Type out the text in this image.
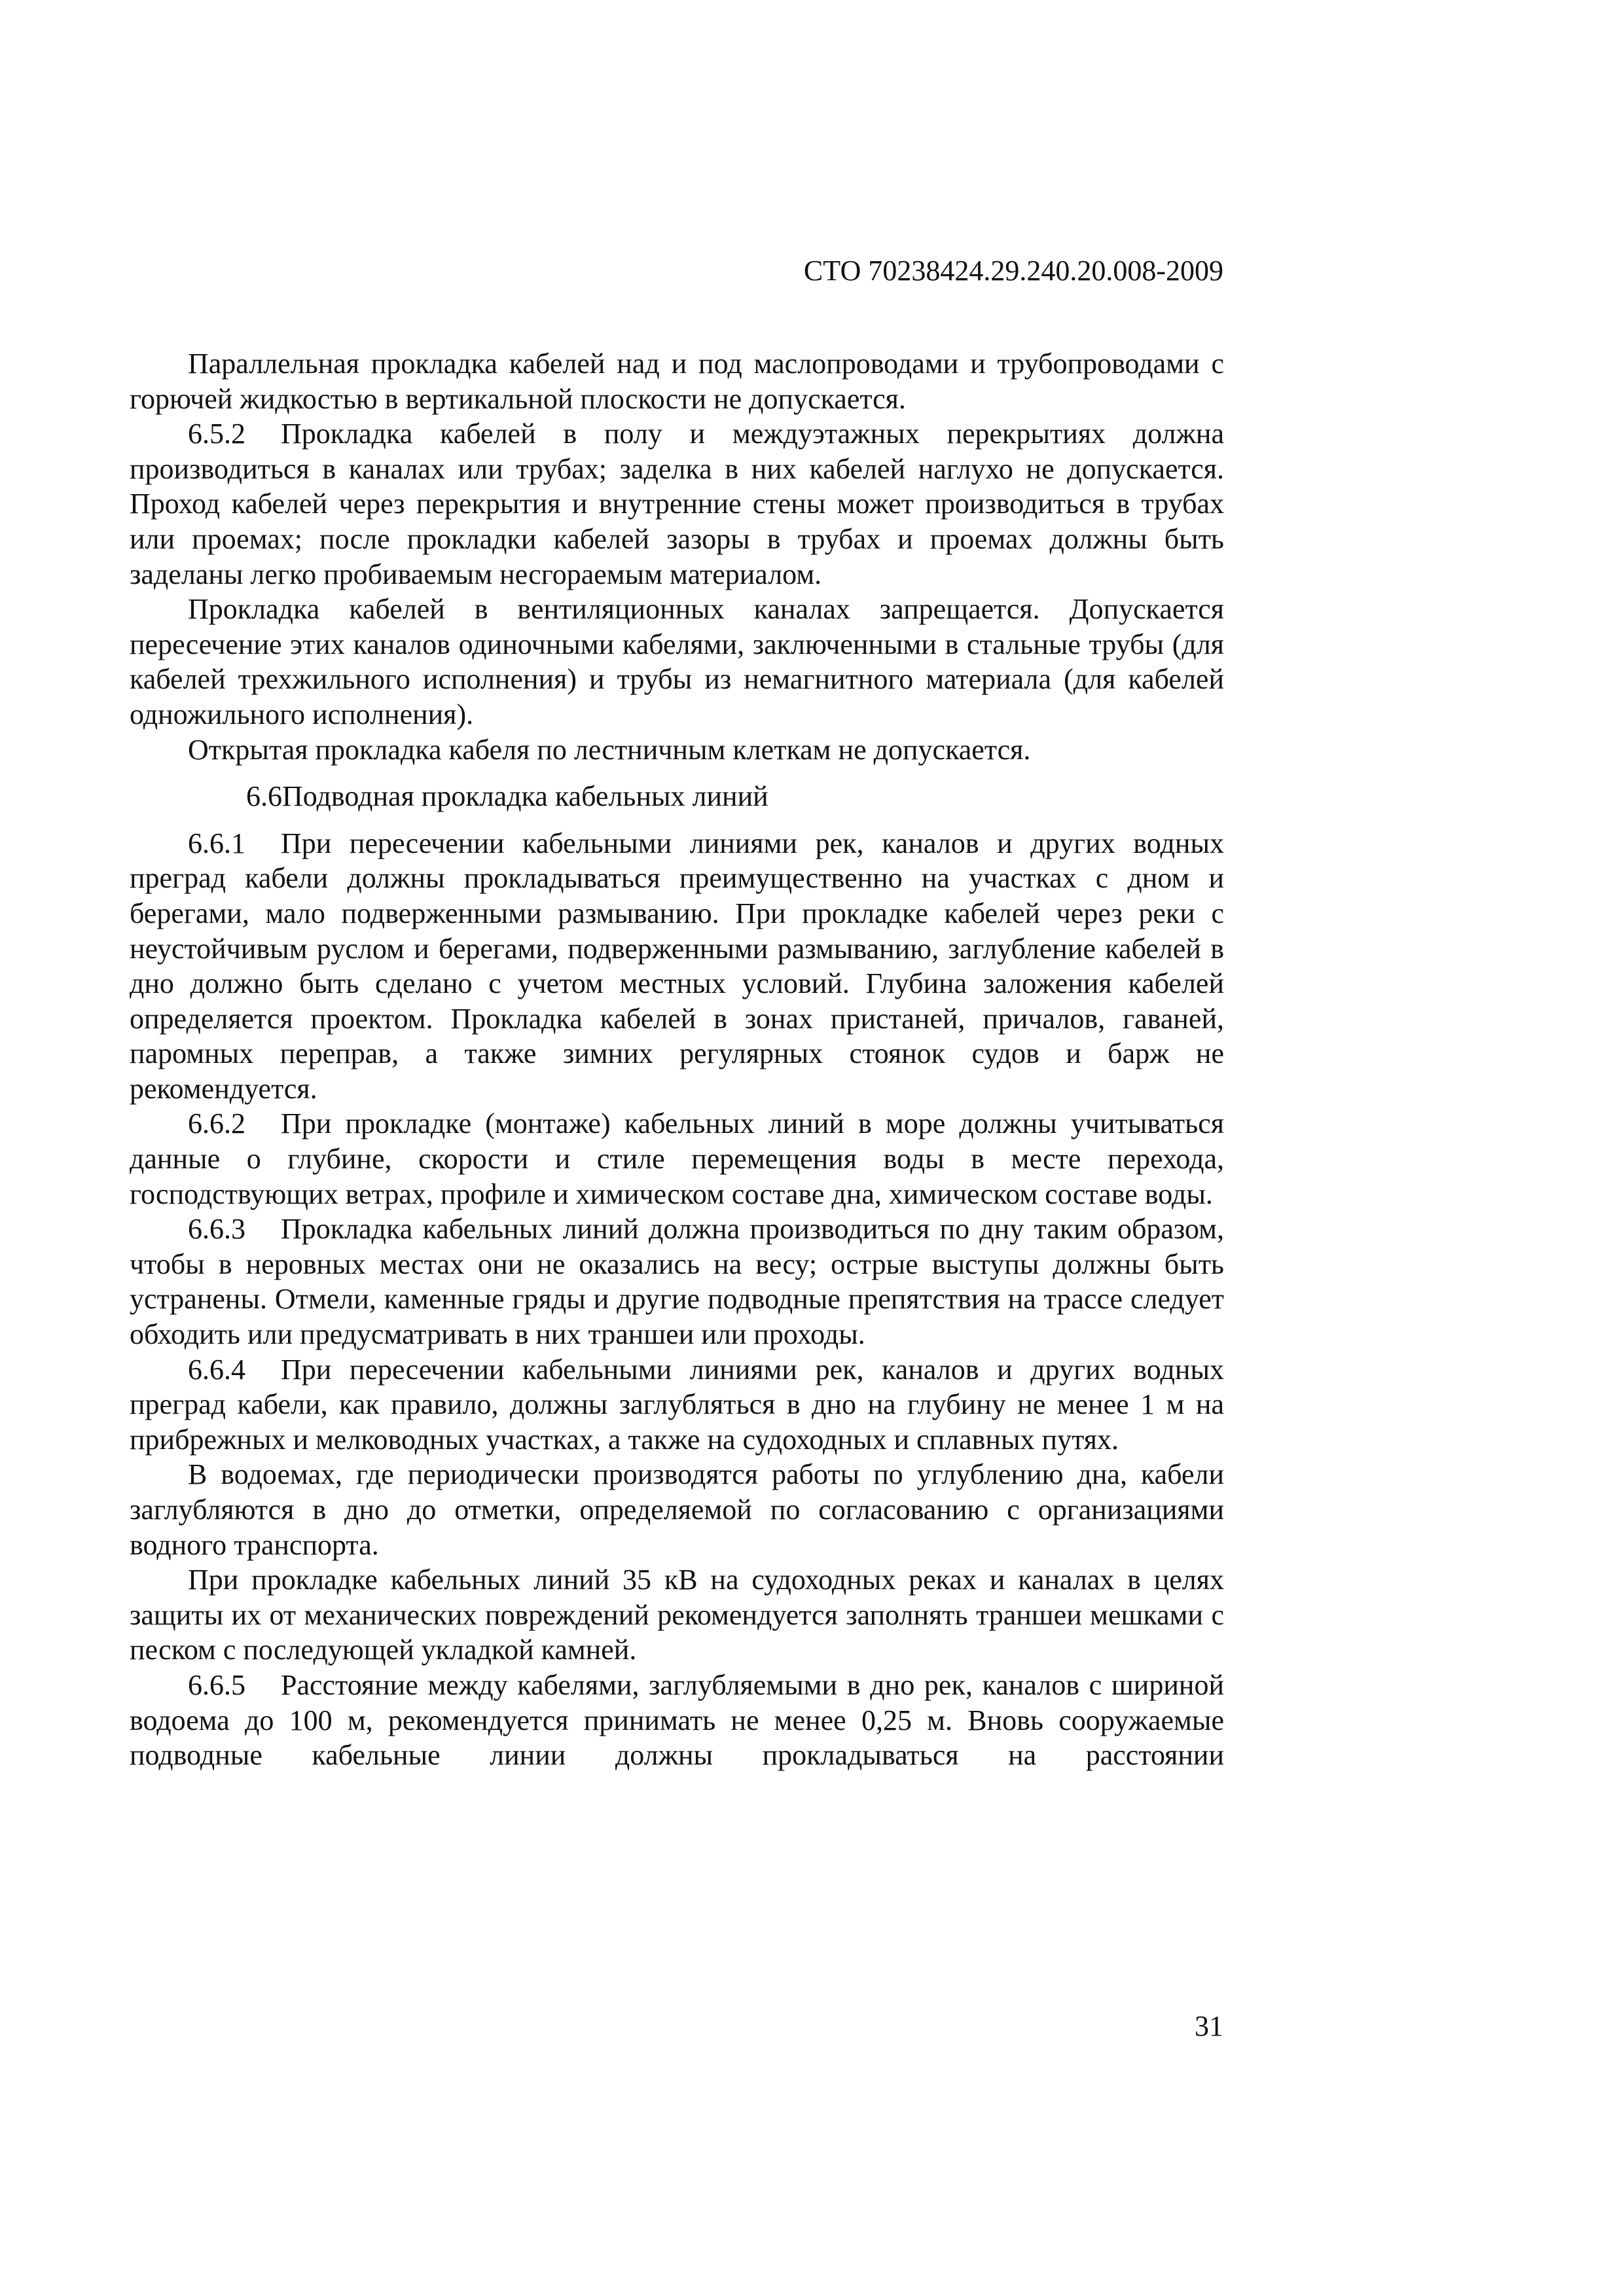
СТО 70238424.29.240.20.008-2009

Параллельная прокладка кабелей над и под маслопроводами и трубопроводами с горючей жидкостью в вертикальной плоскости не допускается.

6.5.2 Прокладка кабелей в полу и междуэтажных перекрытиях должна производиться в каналах или трубах; заделка в них кабелей наглухо не допускается. Проход кабелей через перекрытия и внутренние стены может производиться в трубах или проемах; после прокладки кабелей зазоры в трубах и проемах должны быть заделаны легко пробиваемым несгораемым материалом.

Прокладка кабелей в вентиляционных каналах запрещается. Допускается пересечение этих каналов одиночными кабелями, заключенными в стальные трубы (для кабелей трехжильного исполнения) и трубы из немагнитного материала (для кабелей одножильного исполнения).

Открытая прокладка кабеля по лестничным клеткам не допускается.

6.6Подводная прокладка кабельных линий

6.6.1 При пересечении кабельными линиями рек, каналов и других водных преград кабели должны прокладываться преимущественно на участках с дном и берегами, мало подверженными размыванию. При прокладке кабелей через реки с неустойчивым руслом и берегами, подверженными размыванию, заглубление кабелей в дно должно быть сделано с учетом местных условий. Глубина заложения кабелей определяется проектом. Прокладка кабелей в зонах пристаней, причалов, гаваней, паромных переправ, а также зимних регулярных стоянок судов и барж не рекомендуется.

6.6.2 При прокладке (монтаже) кабельных линий в море должны учитываться данные о глубине, скорости и стиле перемещения воды в месте перехода, господствующих ветрах, профиле и химическом составе дна, химическом составе воды.

6.6.3 Прокладка кабельных линий должна производиться по дну таким образом, чтобы в неровных местах они не оказались на весу; острые выступы должны быть устранены. Отмели, каменные гряды и другие подводные препятствия на трассе следует обходить или предусматривать в них траншеи или проходы.

6.6.4 При пересечении кабельными линиями рек, каналов и других водных преград кабели, как правило, должны заглубляться в дно на глубину не менее 1 м на прибрежных и мелководных участках, а также на судоходных и сплавных путях.

В водоемах, где периодически производятся работы по углублению дна, кабели заглубляются в дно до отметки, определяемой по согласованию с организациями водного транспорта.

При прокладке кабельных линий 35 кВ на судоходных реках и каналах в целях защиты их от механических повреждений рекомендуется заполнять траншеи мешками с песком с последующей укладкой камней.

6.6.5 Расстояние между кабелями, заглубляемыми в дно рек, каналов с шириной водоема до 100 м, рекомендуется принимать не менее 0,25 м. Вновь сооружаемые подводные кабельные линии должны прокладываться на расстоянии

31
